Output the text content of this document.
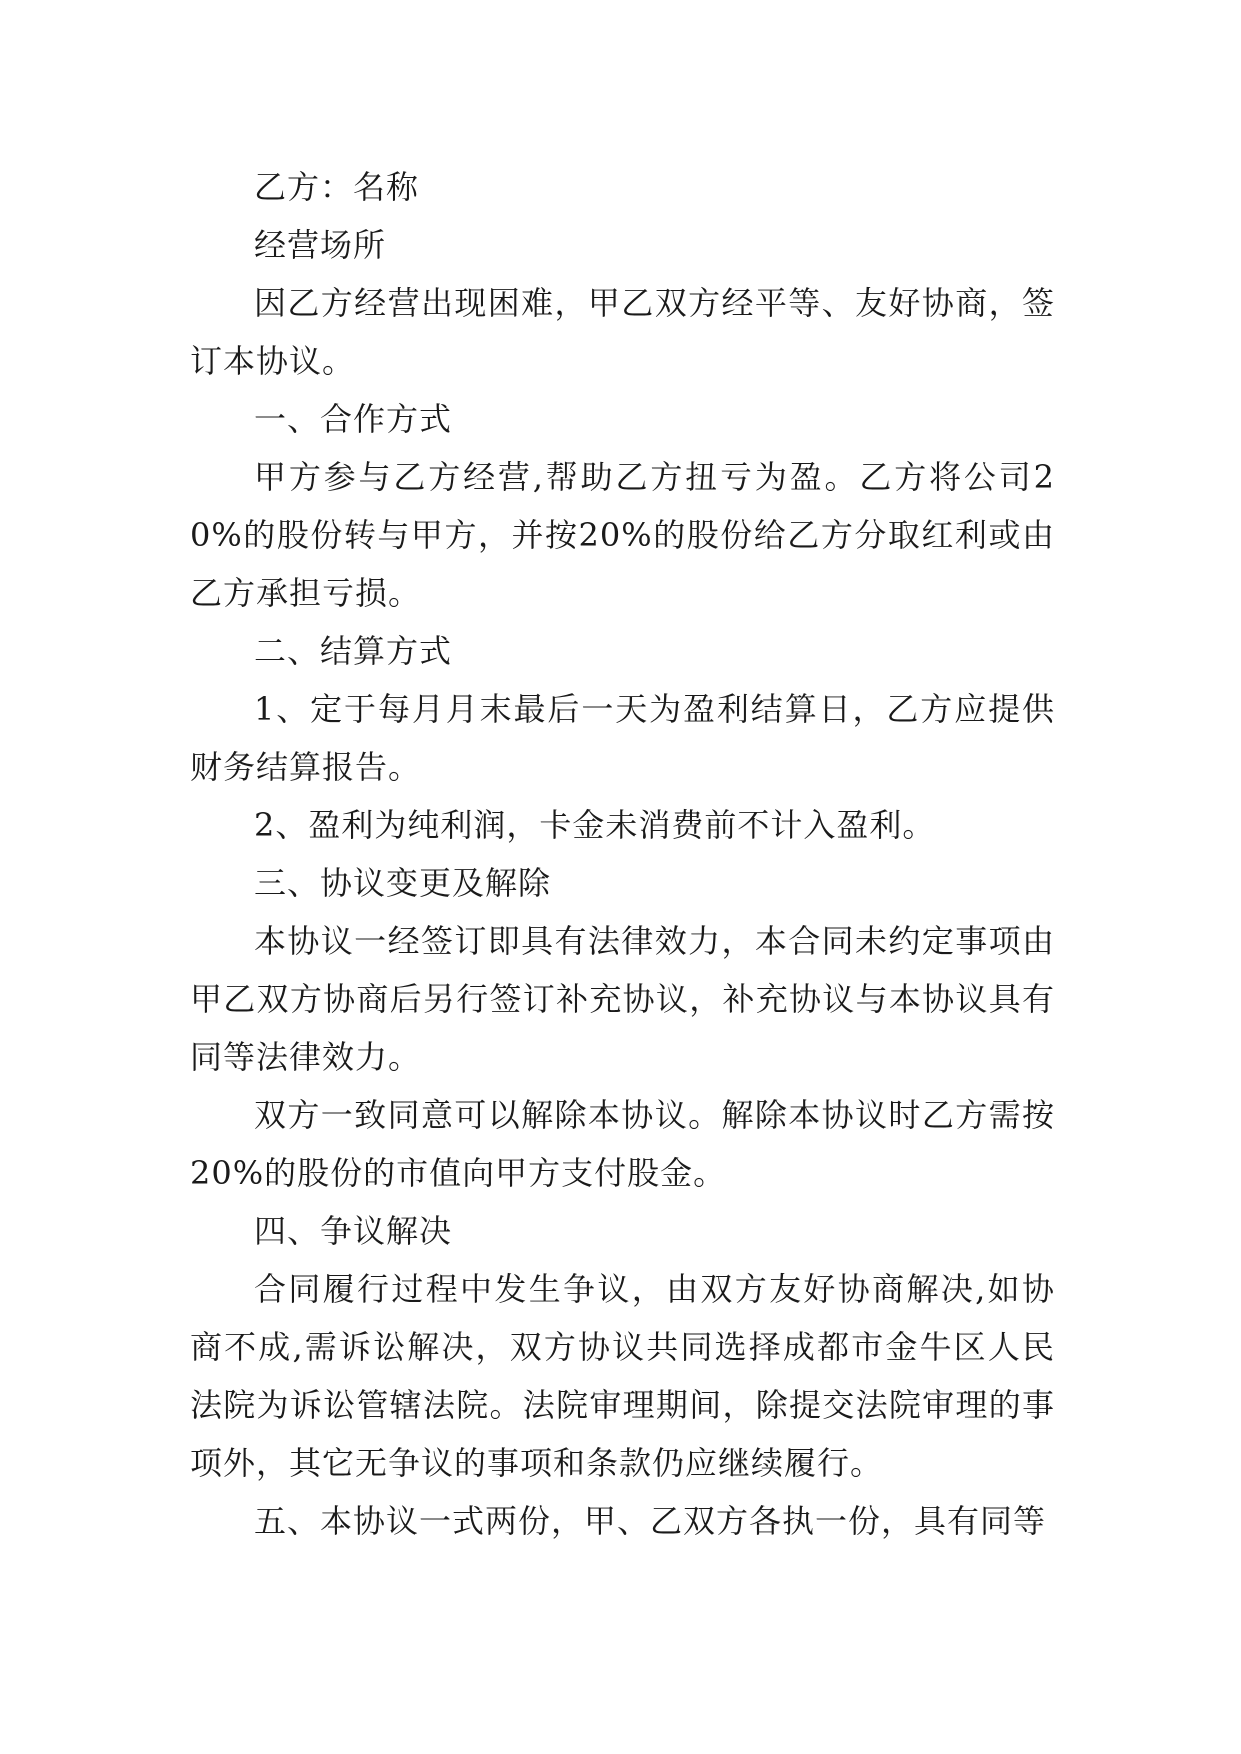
乙方：名称

经营场所

因乙方经营出现困难，甲乙双方经平等、友好协商，签订本协议。

一、合作方式

甲方参与乙方经营,帮助乙方扭亏为盈。乙方将公司20%的股份转与甲方，并按20%的股份给乙方分取红利或由乙方承担亏损。

二、结算方式

1、定于每月月末最后一天为盈利结算日，乙方应提供财务结算报告。

2、盈利为纯利润，卡金未消费前不计入盈利。

三、协议变更及解除

本协议一经签订即具有法律效力，本合同未约定事项由甲乙双方协商后另行签订补充协议，补充协议与本协议具有同等法律效力。

双方一致同意可以解除本协议。解除本协议时乙方需按20%的股份的市值向甲方支付股金。

四、争议解决

合同履行过程中发生争议，由双方友好协商解决,如协商不成,需诉讼解决，双方协议共同选择成都市金牛区人民法院为诉讼管辖法院。法院审理期间，除提交法院审理的事项外，其它无争议的事项和条款仍应继续履行。

五、本协议一式两份，甲、乙双方各执一份，具有同等
